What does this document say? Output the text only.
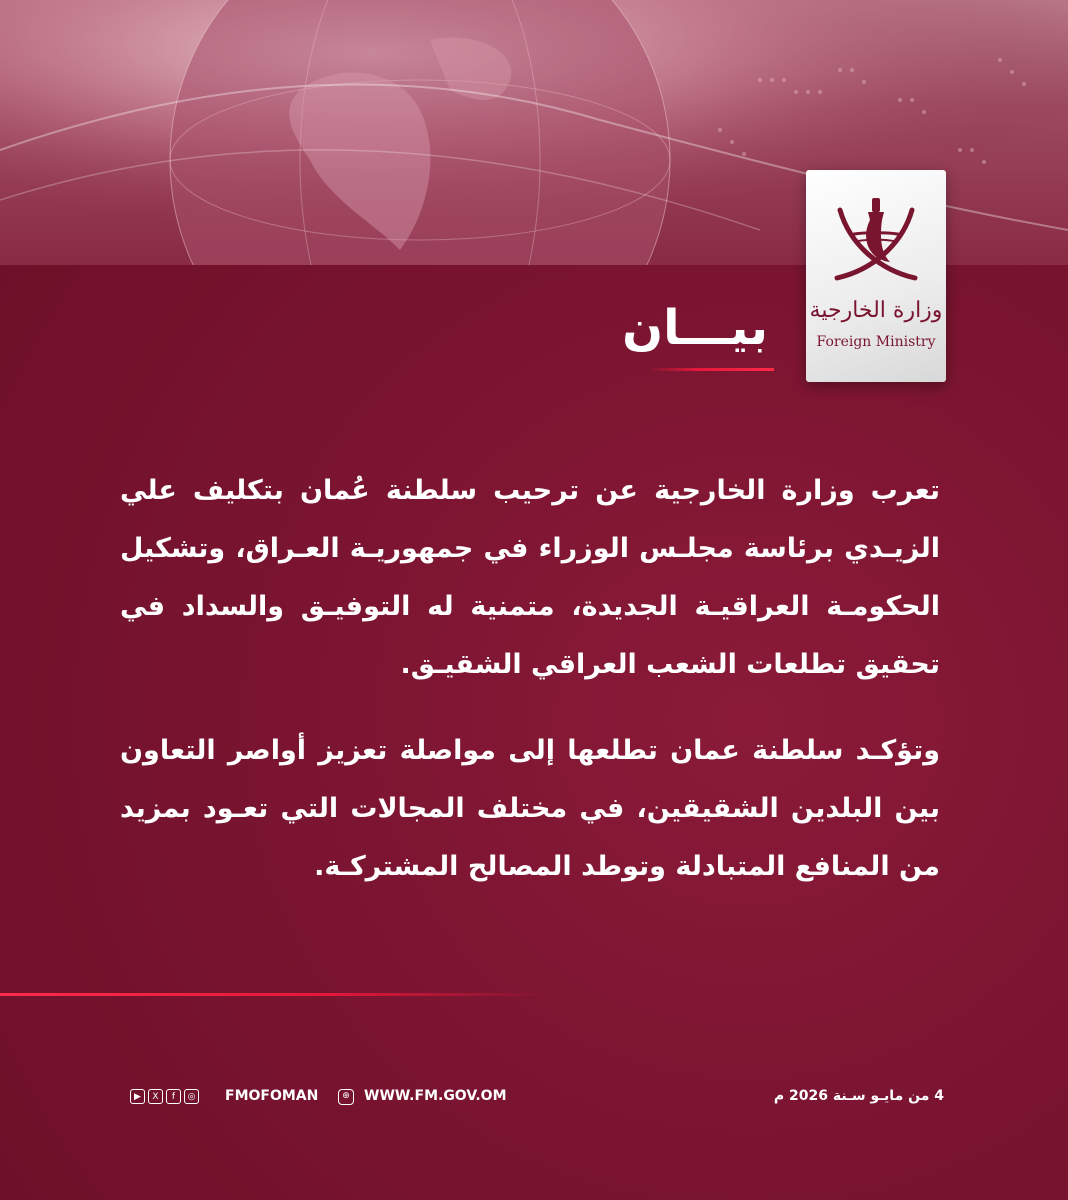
وزارة الخارجية
Foreign Ministry
بيـــان
تعرب وزارة الخارجية عن ترحيب سلطنة عُمان بتكليف علي الزيـدي برئاسة مجلـس الوزراء في جمهوريـة العـراق، وتشكيل الحكومـة العراقيـة الجديدة، متمنية له التوفيـق والسداد في تحقيق تطلعات الشعب العراقي الشقيـق.
وتؤكـد سلطنة عمان تطلعها إلى مواصلة تعزيز أواصر التعاون بين البلدين الشقيقين، في مختلف المجالات التي تعـود بمزيد من المنافع المتبادلة وتوطد المصالح المشتركـة.
▶	X	f	◎ FMOFOMAN	⊕	WWW.FM.GOV.OM	4 من مايـو سـنة 2026 م
